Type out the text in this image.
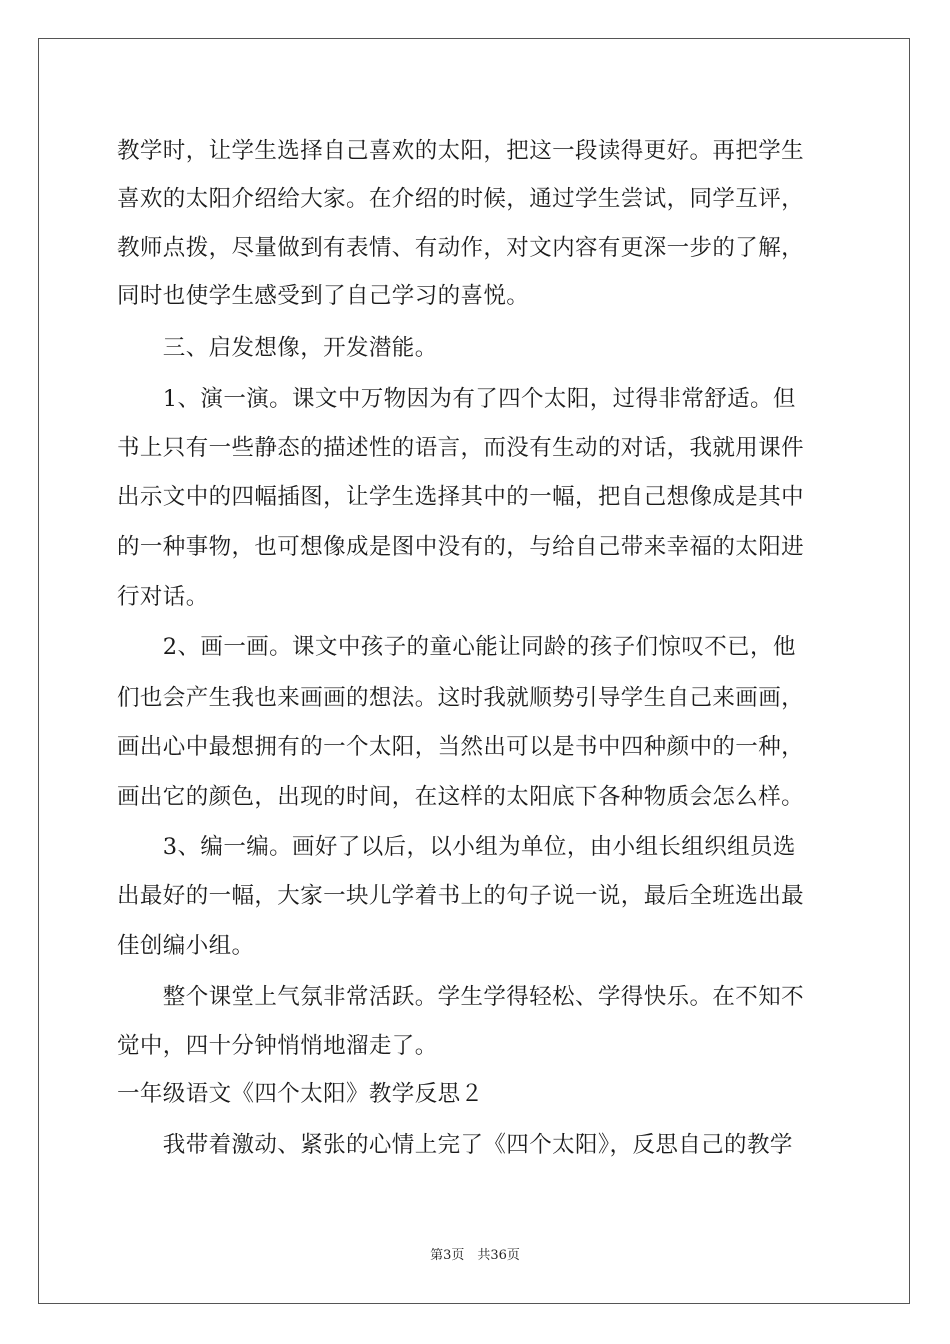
教学时，让学生选择自己喜欢的太阳，把这一段读得更好。再把学生
喜欢的太阳介绍给大家。在介绍的时候，通过学生尝试，同学互评，
教师点拨，尽量做到有表情、有动作，对文内容有更深一步的了解，
同时也使学生感受到了自己学习的喜悦。
　　三、启发想像，开发潜能。
　　1、演一演。课文中万物因为有了四个太阳，过得非常舒适。但
书上只有一些静态的描述性的语言，而没有生动的对话，我就用课件
出示文中的四幅插图，让学生选择其中的一幅，把自己想像成是其中
的一种事物，也可想像成是图中没有的，与给自己带来幸福的太阳进
行对话。
　　2、画一画。课文中孩子的童心能让同龄的孩子们惊叹不已，他
们也会产生我也来画画的想法。这时我就顺势引导学生自己来画画，
画出心中最想拥有的一个太阳，当然出可以是书中四种颜中的一种，
画出它的颜色，出现的时间，在这样的太阳底下各种物质会怎么样。
　　3、编一编。画好了以后，以小组为单位，由小组长组织组员选
出最好的一幅，大家一块儿学着书上的句子说一说，最后全班选出最
佳创编小组。
　　整个课堂上气氛非常活跃。学生学得轻松、学得快乐。在不知不
觉中，四十分钟悄悄地溜走了。
一年级语文《四个太阳》教学反思２
　　我带着激动、紧张的心情上完了《四个太阳》，反思自己的教学
第3页　共36页
